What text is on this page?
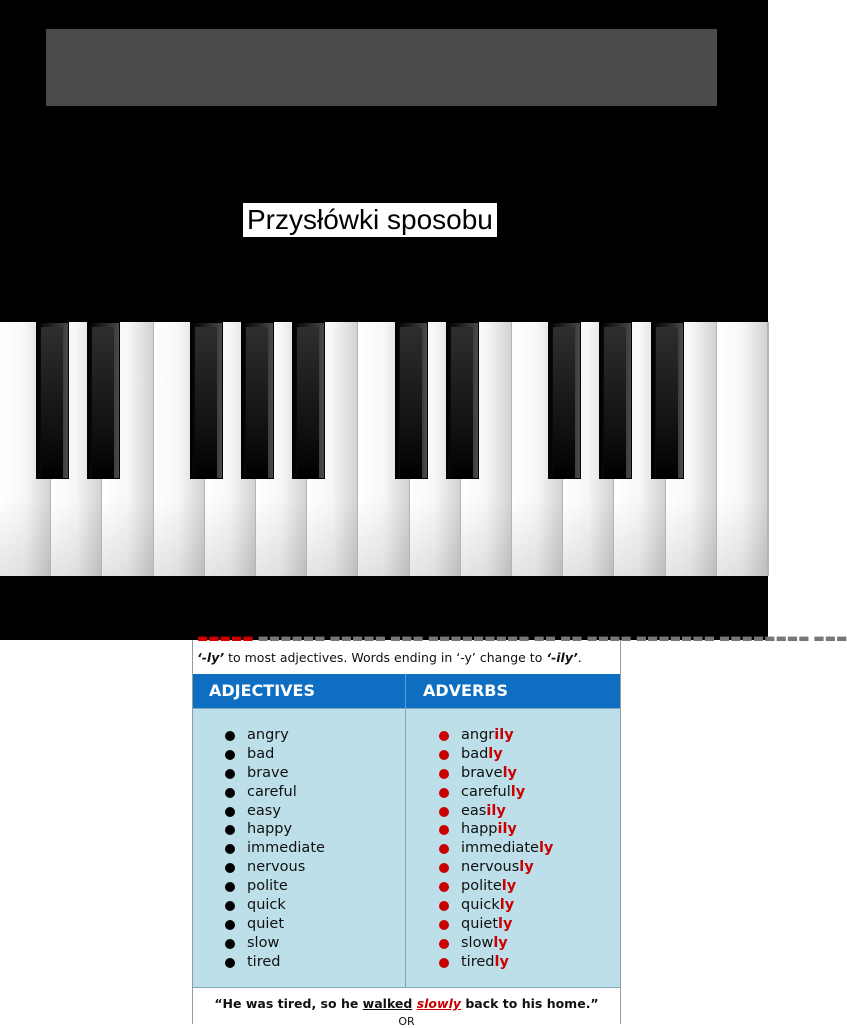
Przysłówki sposobu
▬▬▬▬▬ ▬▬▬▬▬▬ ▬▬▬▬▬ ▬▬▬ ▬▬▬▬▬▬▬▬▬ ▬▬ ▬▬ ▬▬▬▬ ▬▬▬▬▬▬▬ ▬▬▬▬▬▬▬▬ ▬▬▬
‘-ly’ to most adjectives. Words ending in ‘-y’ change to ‘-ily’.
ADJECTIVES	ADVERBS
angry
bad
brave
careful
easy
happy
immediate
nervous
polite
quick
quiet
slow
tired
angrily
badly
bravely
carefully
easily
happily
immediately
nervously
politely
quickly
quietly
slowly
tiredly
“He was tired, so he walked slowly back to his home.”
OR
